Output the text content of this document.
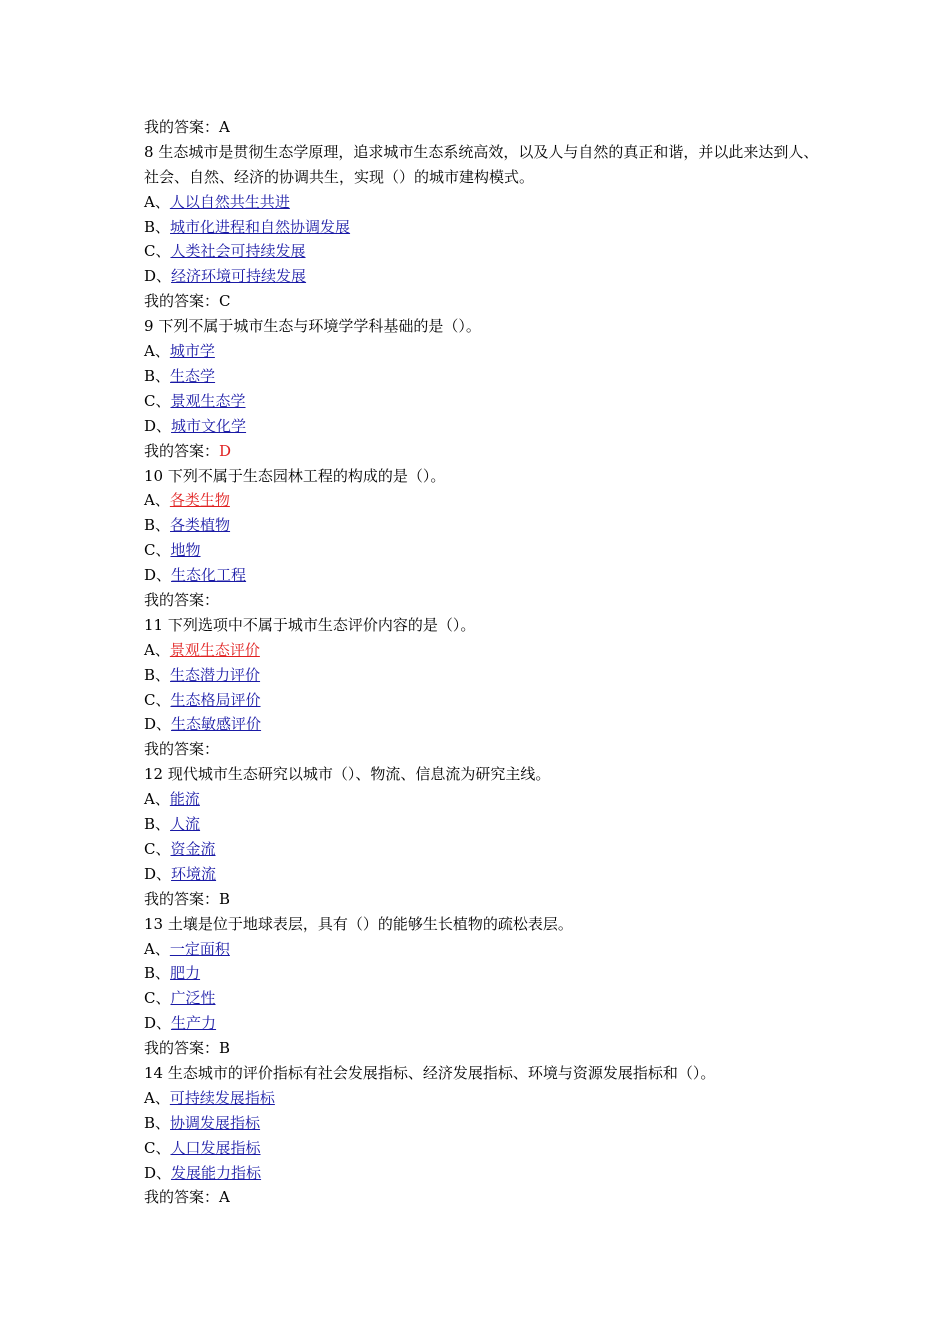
我的答案：A
8 生态城市是贯彻生态学原理，追求城市生态系统高效，以及人与自然的真正和谐，并以此来达到人、社会、自然、经济的协调共生，实现（）的城市建构模式。
A、人以自然共生共进
B、城市化进程和自然协调发展
C、人类社会可持续发展
D、经济环境可持续发展
我的答案：C
9 下列不属于城市生态与环境学学科基础的是（）。
A、城市学
B、生态学
C、景观生态学
D、城市文化学
我的答案：D
10 下列不属于生态园林工程的构成的是（）。
A、各类生物
B、各类植物
C、地物
D、生态化工程
我的答案：
11 下列选项中不属于城市生态评价内容的是（）。
A、景观生态评价
B、生态潜力评价
C、生态格局评价
D、生态敏感评价
我的答案：
12 现代城市生态研究以城市（）、物流、信息流为研究主线。
A、能流
B、人流
C、资金流
D、环境流
我的答案：B
13 土壤是位于地球表层，具有（）的能够生长植物的疏松表层。
A、一定面积
B、肥力
C、广泛性
D、生产力
我的答案：B
14 生态城市的评价指标有社会发展指标、经济发展指标、环境与资源发展指标和（）。
A、可持续发展指标
B、协调发展指标
C、人口发展指标
D、发展能力指标
我的答案：A
